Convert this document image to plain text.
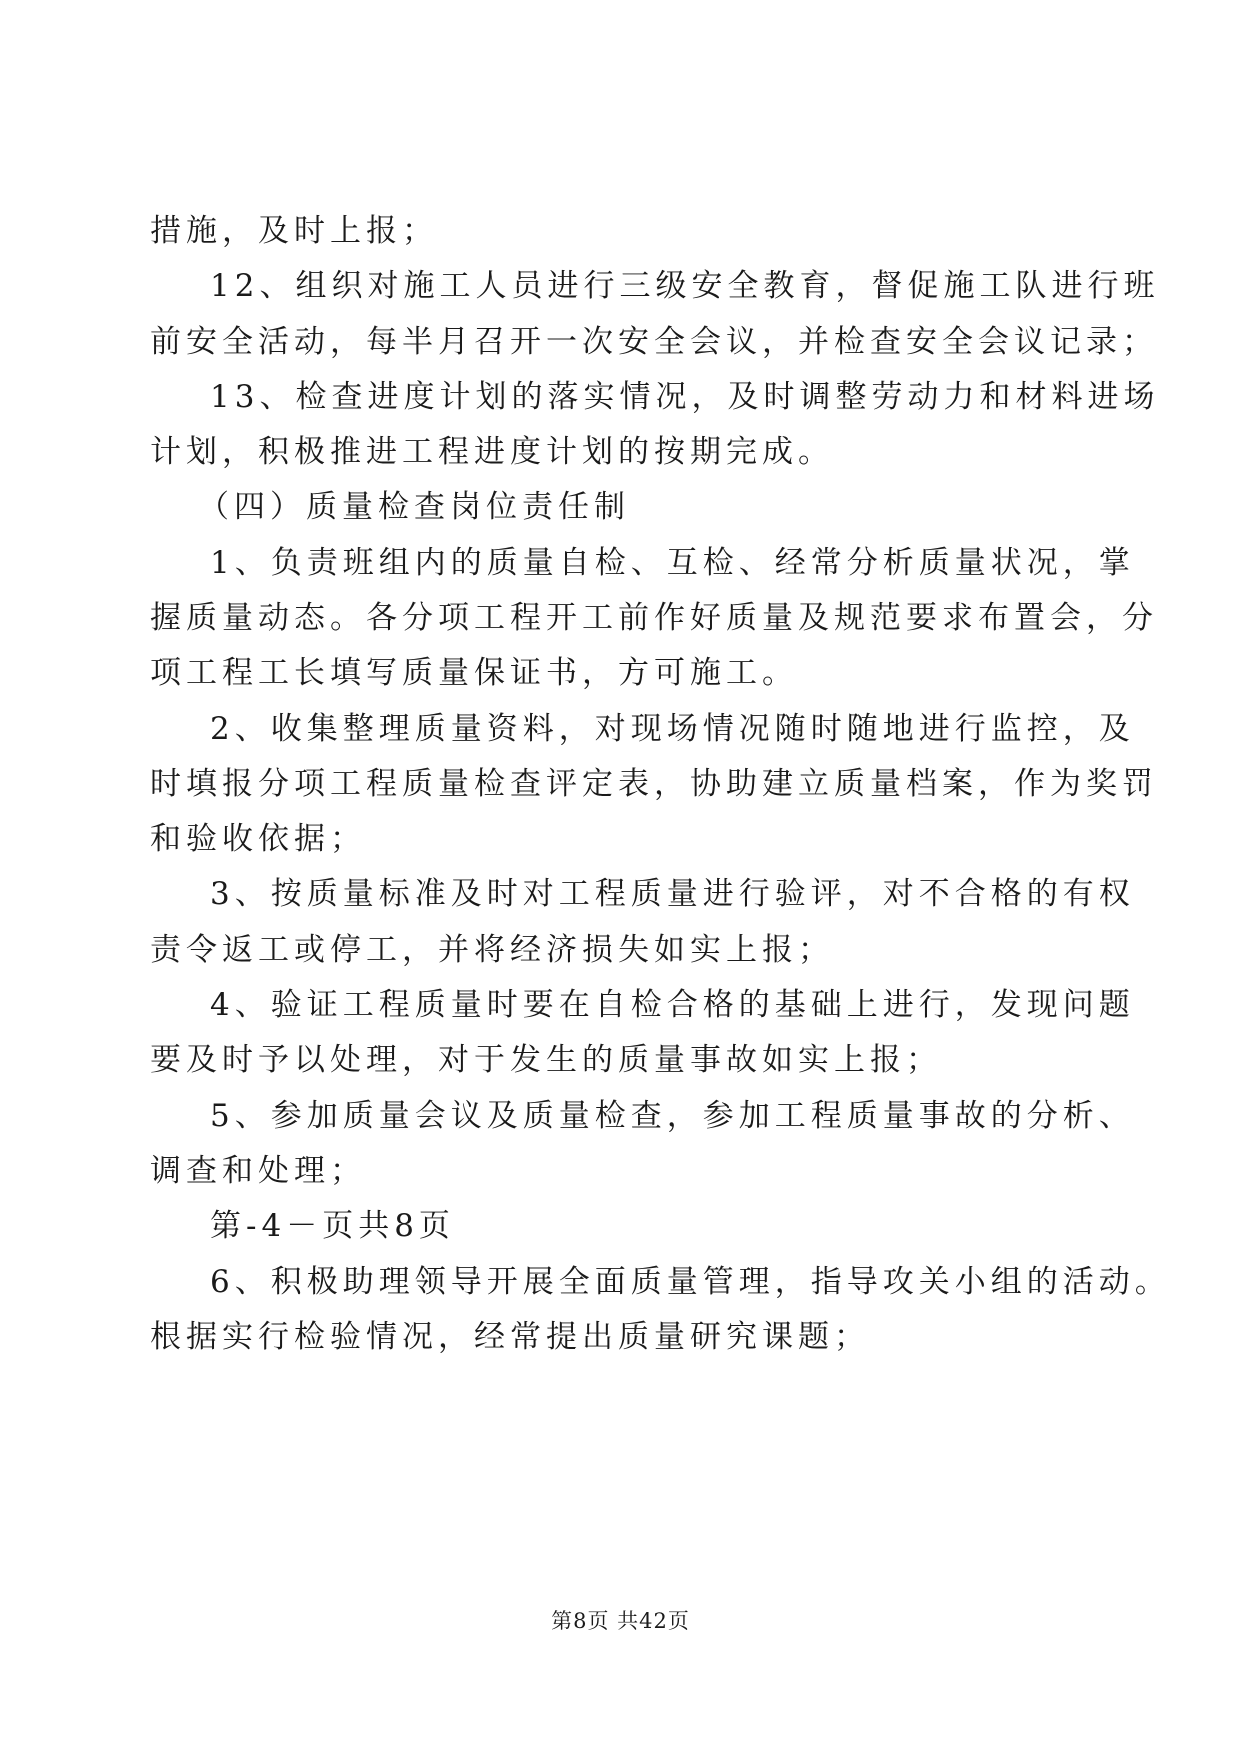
措施，及时上报；
12、组织对施工人员进行三级安全教育，督促施工队进行班
前安全活动，每半月召开一次安全会议，并检查安全会议记录；
13、检查进度计划的落实情况，及时调整劳动力和材料进场
计划，积极推进工程进度计划的按期完成。
（四）质量检查岗位责任制
1、负责班组内的质量自检、互检、经常分析质量状况，掌
握质量动态。各分项工程开工前作好质量及规范要求布置会，分
项工程工长填写质量保证书，方可施工。
2、收集整理质量资料，对现场情况随时随地进行监控，及
时填报分项工程质量检查评定表，协助建立质量档案，作为奖罚
和验收依据；
3、按质量标准及时对工程质量进行验评，对不合格的有权
责令返工或停工，并将经济损失如实上报；
4、验证工程质量时要在自检合格的基础上进行，发现问题
要及时予以处理，对于发生的质量事故如实上报；
5、参加质量会议及质量检查，参加工程质量事故的分析、
调查和处理；
第-4－页共8页
6、积极助理领导开展全面质量管理，指导攻关小组的活动。
根据实行检验情况，经常提出质量研究课题；
第8页 共42页
